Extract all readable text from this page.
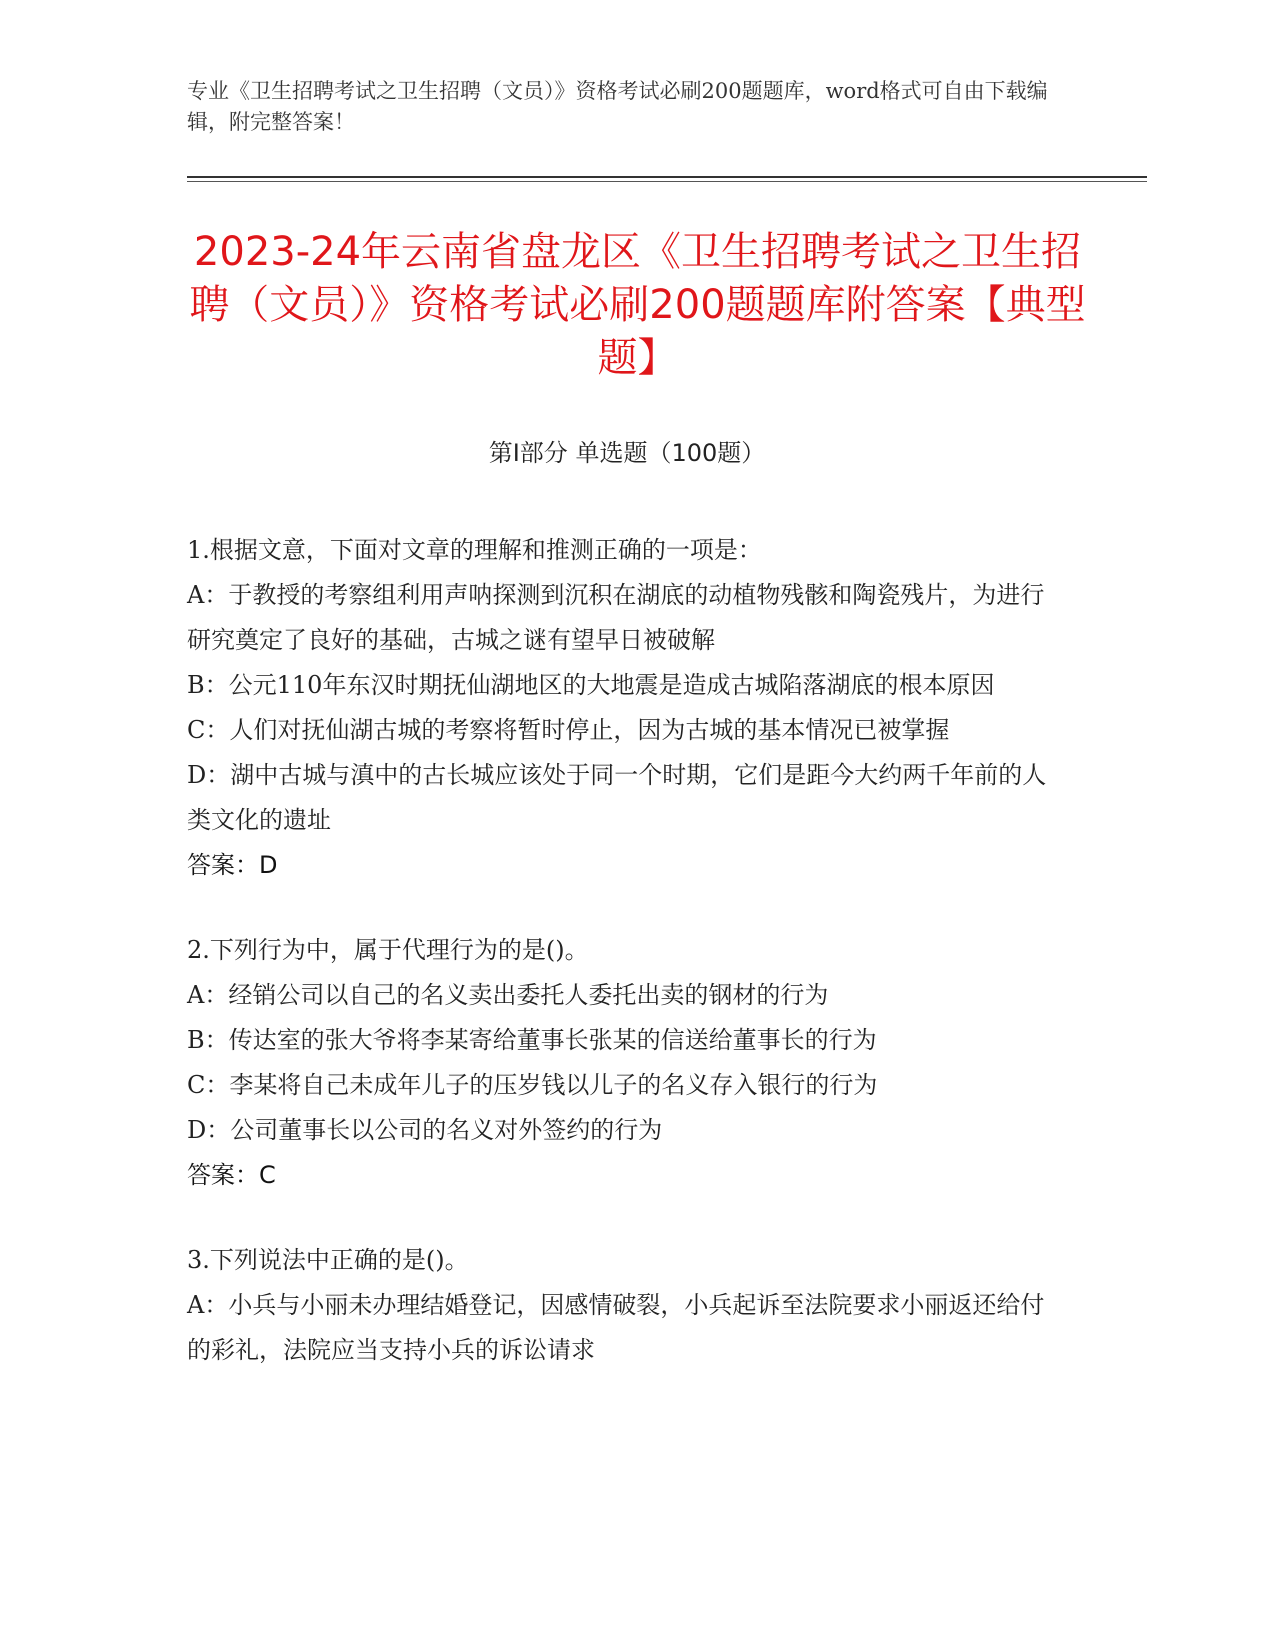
专业《卫生招聘考试之卫生招聘（文员）》资格考试必刷200题题库，word格式可自由下载编辑，附完整答案！
2023-24年云南省盘龙区《卫生招聘考试之卫生招聘（文员）》资格考试必刷200题题库附答案【典型题】
第Ⅰ部分 单选题（100题）

1.根据文意，下面对文章的理解和推测正确的一项是：

A：于教授的考察组利用声呐探测到沉积在湖底的动植物残骸和陶瓷残片，为进行研究奠定了良好的基础，古城之谜有望早日被破解

B：公元110年东汉时期抚仙湖地区的大地震是造成古城陷落湖底的根本原因

C：人们对抚仙湖古城的考察将暂时停止，因为古城的基本情况已被掌握

D：湖中古城与滇中的古长城应该处于同一个时期，它们是距今大约两千年前的人类文化的遗址

答案：D

2.下列行为中，属于代理行为的是()。

A：经销公司以自己的名义卖出委托人委托出卖的钢材的行为

B：传达室的张大爷将李某寄给董事长张某的信送给董事长的行为

C：李某将自己未成年儿子的压岁钱以儿子的名义存入银行的行为

D：公司董事长以公司的名义对外签约的行为

答案：C

3.下列说法中正确的是()。

A：小兵与小丽未办理结婚登记，因感情破裂，小兵起诉至法院要求小丽返还给付的彩礼，法院应当支持小兵的诉讼请求
